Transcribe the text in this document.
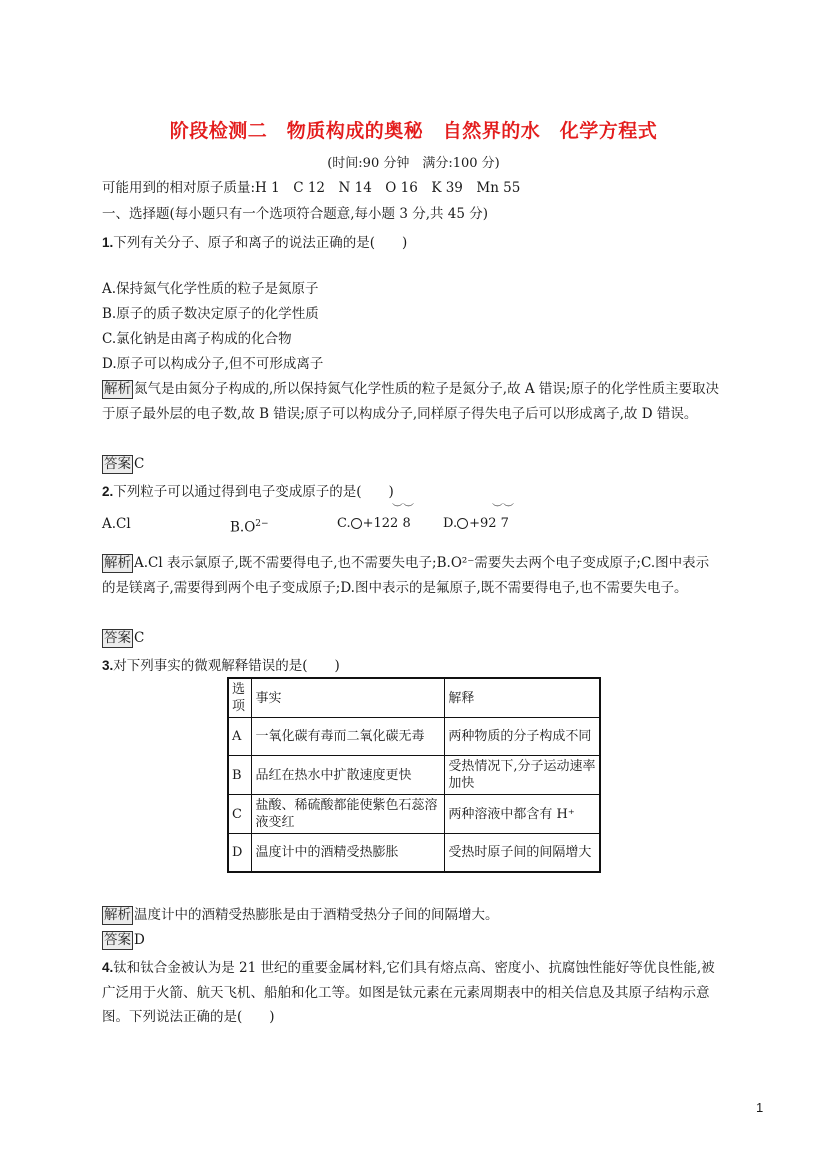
阶段检测二　物质构成的奥秘　自然界的水　化学方程式
(时间:90 分钟　满分:100 分)
可能用到的相对原子质量:H 1　C 12　N 14　O 16　K 39　Mn 55
一、选择题(每小题只有一个选项符合题意,每小题 3 分,共 45 分)
1.下列有关分子、原子和离子的说法正确的是(　　)
A.保持氮气化学性质的粒子是氮原子
B.原子的质子数决定原子的化学性质
C.氯化钠是由离子构成的化合物
D.原子可以构成分子,但不可形成离子
解析 氮气是由氮分子构成的,所以保持氮气化学性质的粒子是氮分子,故 A 错误;原子的化学性质主要取决于原子最外层的电子数,故 B 错误;原子可以构成分子,同样原子得失电子后可以形成离子,故 D 错误。
答案 C
2.下列粒子可以通过得到电子变成原子的是(　　)
︶︶	︶︶
A.Cl	$B.O^{2-}$	C. +122 8 D. +92 7
解析 A.Cl 表示氯原子,既不需要得电子,也不需要失电子;B.O²⁻需要失去两个电子变成原子;C.图中表示的是镁离子,需要得到两个电子变成原子;D.图中表示的是氟原子,既不需要得电子,也不需要失电子。
答案 C
3.对下列事实的微观解释错误的是(　　)
选项	事实	解释
A	一氧化碳有毒而二氧化碳无毒	两种物质的分子构成不同
B	品红在热水中扩散速度更快	受热情况下,分子运动速率加快
C	盐酸、稀硫酸都能使紫色石蕊溶液变红	两种溶液中都含有 H⁺
D	温度计中的酒精受热膨胀	受热时原子间的间隔增大
解析 温度计中的酒精受热膨胀是由于酒精受热分子间的间隔增大。
答案 D
4.钛和钛合金被认为是 21 世纪的重要金属材料,它们具有熔点高、密度小、抗腐蚀性能好等优良性能,被广泛用于火箭、航天飞机、船舶和化工等。如图是钛元素在元素周期表中的相关信息及其原子结构示意图。下列说法正确的是(　　)
1
